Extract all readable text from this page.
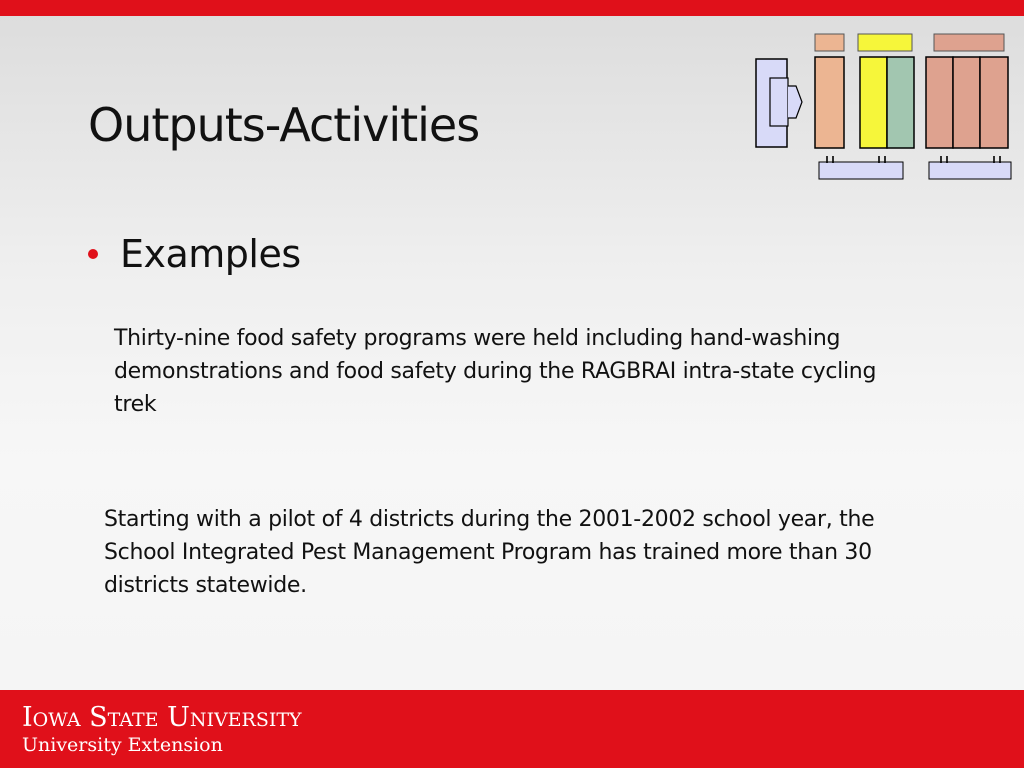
Outputs-Activities
Examples

Thirty-nine food safety programs were held including hand-washing demonstrations and food safety during the RAGBRAI intra-state cycling trek

Starting with a pilot of 4 districts during the 2001-2002 school year, the School Integrated Pest Management Program has trained more than 30 districts statewide.

Iowa State University

University Extension
